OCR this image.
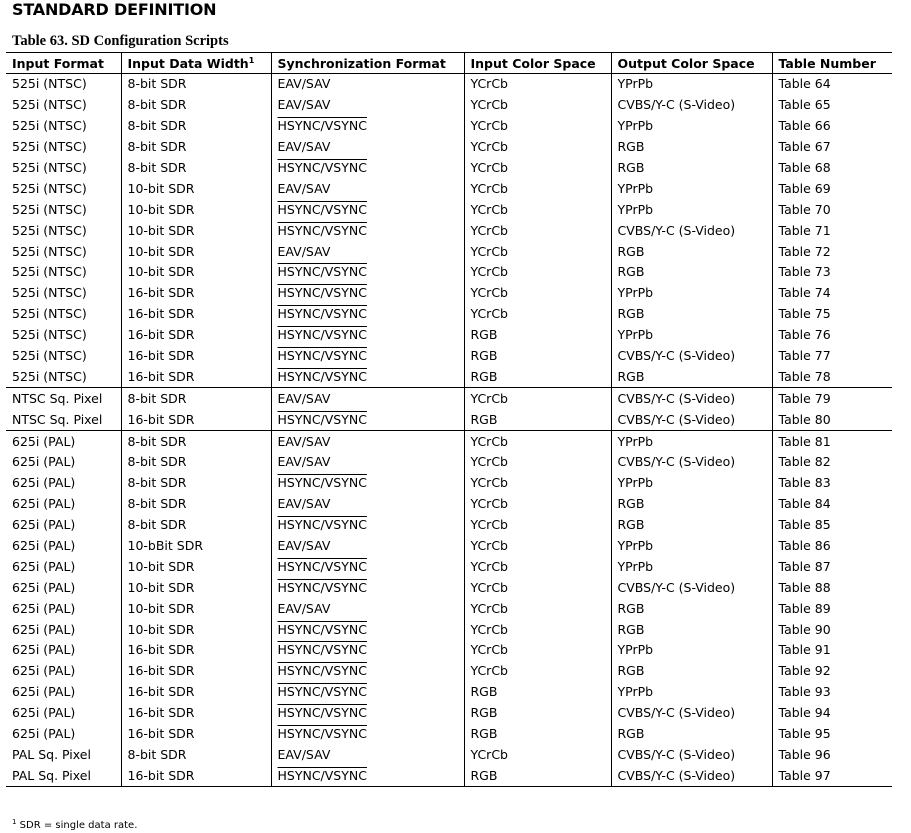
STANDARD DEFINITION
Table 63. SD Configuration Scripts
Input Format	Input Data Width$^1$	Synchronization Format	Input Color Space	Output Color Space	Table Number
525i (NTSC)	8-bit SDR	EAV/SAV	YCrCb	YPrPb	Table 64
525i (NTSC)	8-bit SDR	EAV/SAV	YCrCb	CVBS/Y-C (S-Video)	Table 65
525i (NTSC)	8-bit SDR	HSYNC/VSYNC	YCrCb	YPrPb	Table 66
525i (NTSC)	8-bit SDR	EAV/SAV	YCrCb	RGB	Table 67
525i (NTSC)	8-bit SDR	HSYNC/VSYNC	YCrCb	RGB	Table 68
525i (NTSC)	10-bit SDR	EAV/SAV	YCrCb	YPrPb	Table 69
525i (NTSC)	10-bit SDR	HSYNC/VSYNC	YCrCb	YPrPb	Table 70
525i (NTSC)	10-bit SDR	HSYNC/VSYNC	YCrCb	CVBS/Y-C (S-Video)	Table 71
525i (NTSC)	10-bit SDR	EAV/SAV	YCrCb	RGB	Table 72
525i (NTSC)	10-bit SDR	HSYNC/VSYNC	YCrCb	RGB	Table 73
525i (NTSC)	16-bit SDR	HSYNC/VSYNC	YCrCb	YPrPb	Table 74
525i (NTSC)	16-bit SDR	HSYNC/VSYNC	YCrCb	RGB	Table 75
525i (NTSC)	16-bit SDR	HSYNC/VSYNC	RGB	YPrPb	Table 76
525i (NTSC)	16-bit SDR	HSYNC/VSYNC	RGB	CVBS/Y-C (S-Video)	Table 77
525i (NTSC)	16-bit SDR	HSYNC/VSYNC	RGB	RGB	Table 78
NTSC Sq. Pixel	8-bit SDR	EAV/SAV	YCrCb	CVBS/Y-C (S-Video)	Table 79
NTSC Sq. Pixel	16-bit SDR	HSYNC/VSYNC	RGB	CVBS/Y-C (S-Video)	Table 80
625i (PAL)	8-bit SDR	EAV/SAV	YCrCb	YPrPb	Table 81
625i (PAL)	8-bit SDR	EAV/SAV	YCrCb	CVBS/Y-C (S-Video)	Table 82
625i (PAL)	8-bit SDR	HSYNC/VSYNC	YCrCb	YPrPb	Table 83
625i (PAL)	8-bit SDR	EAV/SAV	YCrCb	RGB	Table 84
625i (PAL)	8-bit SDR	HSYNC/VSYNC	YCrCb	RGB	Table 85
625i (PAL)	10-bBit SDR	EAV/SAV	YCrCb	YPrPb	Table 86
625i (PAL)	10-bit SDR	HSYNC/VSYNC	YCrCb	YPrPb	Table 87
625i (PAL)	10-bit SDR	HSYNC/VSYNC	YCrCb	CVBS/Y-C (S-Video)	Table 88
625i (PAL)	10-bit SDR	EAV/SAV	YCrCb	RGB	Table 89
625i (PAL)	10-bit SDR	HSYNC/VSYNC	YCrCb	RGB	Table 90
625i (PAL)	16-bit SDR	HSYNC/VSYNC	YCrCb	YPrPb	Table 91
625i (PAL)	16-bit SDR	HSYNC/VSYNC	YCrCb	RGB	Table 92
625i (PAL)	16-bit SDR	HSYNC/VSYNC	RGB	YPrPb	Table 93
625i (PAL)	16-bit SDR	HSYNC/VSYNC	RGB	CVBS/Y-C (S-Video)	Table 94
625i (PAL)	16-bit SDR	HSYNC/VSYNC	RGB	RGB	Table 95
PAL Sq. Pixel	8-bit SDR	EAV/SAV	YCrCb	CVBS/Y-C (S-Video)	Table 96
PAL Sq. Pixel	16-bit SDR	HSYNC/VSYNC	RGB	CVBS/Y-C (S-Video)	Table 97
$^1$ SDR = single data rate.
